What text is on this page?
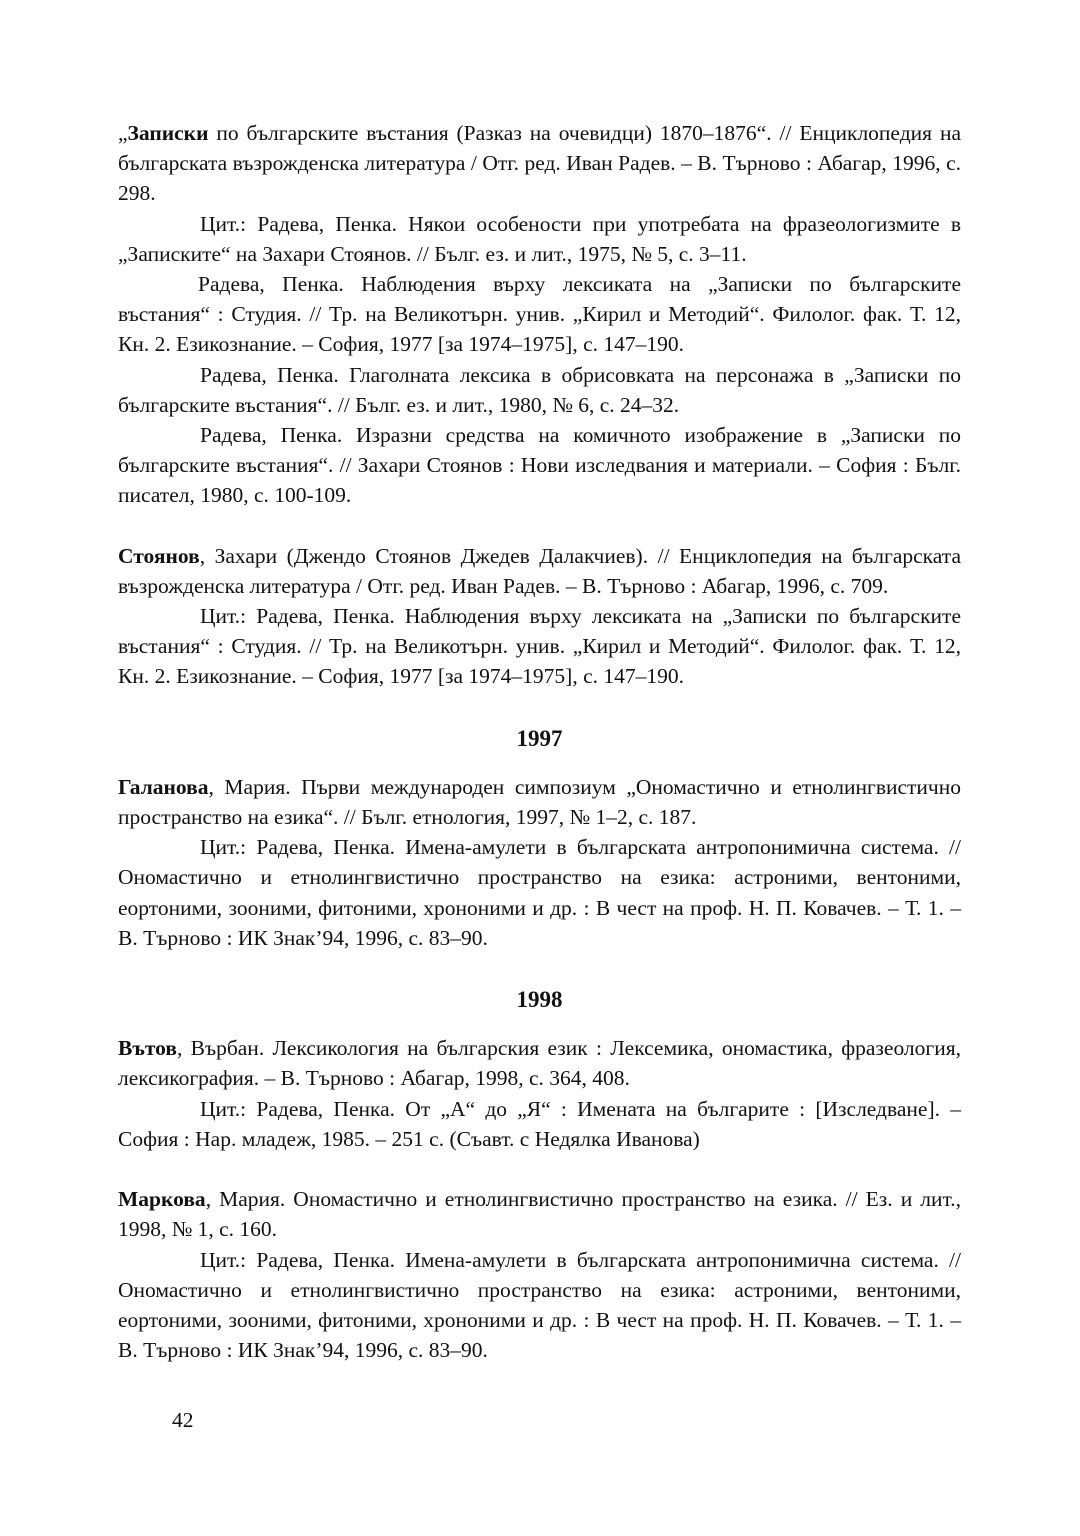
„Записки по българските въстания (Разказ на очевидци) 1870–1876“. // Енциклопедия на българската възрожденска литература / Отг. ред. Иван Радев. – В. Търново : Абагар, 1996, с. 298.

Цит.: Радева, Пенка. Някои особености при употребата на фразеологизмите в „Записките“ на Захари Стоянов. // Бълг. ез. и лит., 1975, № 5, с. 3–11.

Радева, Пенка. Наблюдения върху лексиката на „Записки по българските въстания“ : Студия. // Тр. на Великотърн. унив. „Кирил и Методий“. Филолог. фак. Т. 12, Кн. 2. Езикознание. – София, 1977 [за 1974–1975], с. 147–190.

Радева, Пенка. Глаголната лексика в обрисовката на персонажа в „Записки по българските въстания“. // Бълг. ез. и лит., 1980, № 6, с. 24–32.

Радева, Пенка. Изразни средства на комичното изображение в „Записки по българските въстания“. // Захари Стоянов : Нови изследвания и материали. – София : Бълг. писател, 1980, с. 100-109.

Стоянов, Захари (Джендо Стоянов Джедев Далакчиев). // Енциклопедия на българската възрожденска литература / Отг. ред. Иван Радев. – В. Търново : Абагар, 1996, с. 709.

Цит.: Радева, Пенка. Наблюдения върху лексиката на „Записки по българските въстания“ : Студия. // Тр. на Великотърн. унив. „Кирил и Методий“. Филолог. фак. Т. 12, Кн. 2. Езикознание. – София, 1977 [за 1974–1975], с. 147–190.

1997

Галанова, Мария. Първи международен симпозиум „Ономастично и етнолингвистично пространство на езика“. // Бълг. етнология, 1997, № 1–2, с. 187.

Цит.: Радева, Пенка. Имена-амулети в българската антропонимична система. // Ономастично и етнолингвистично пространство на езика: астроними, вентоними, еортоними, зооними, фитоними, хрононими и др. : В чест на проф. Н. П. Ковачев. – Т. 1. – В. Търново : ИК Знак’94, 1996, с. 83–90.

1998

Вътов, Върбан. Лексикология на българския език : Лексемика, ономастика, фразеология, лексикография. – В. Търново : Абагар, 1998, с. 364, 408.

Цит.: Радева, Пенка. От „А“ до „Я“ : Имената на българите : [Изследване]. – София : Нар. младеж, 1985. – 251 с. (Съавт. с Недялка Иванова)

Маркова, Мария. Ономастично и етнолингвистично пространство на езика. // Ез. и лит., 1998, № 1, с. 160.

Цит.: Радева, Пенка. Имена-амулети в българската антропонимична система. // Ономастично и етнолингвистично пространство на езика: астроними, вентоними, еортоними, зооними, фитоними, хрононими и др. : В чест на проф. Н. П. Ковачев. – Т. 1. – В. Търново : ИК Знак’94, 1996, с. 83–90.

42
